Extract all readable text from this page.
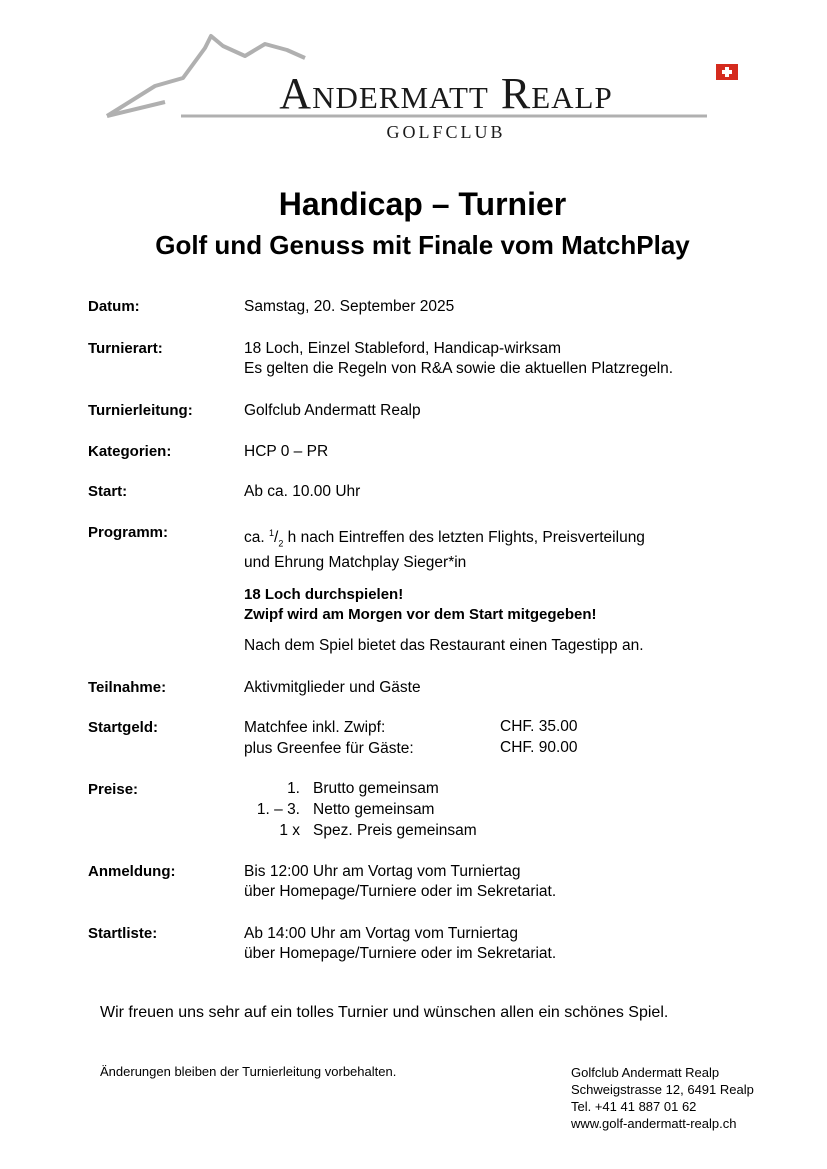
Andermatt Realp
GOLFCLUB
Handicap – Turnier
Golf und Genuss mit Finale vom MatchPlay
Datum:	Samstag, 20. September 2025
Turnierart:	18 Loch, Einzel Stableford, Handicap-wirksam
Es gelten die Regeln von R&A sowie die aktuellen Platzregeln.
Turnierleitung:	Golfclub Andermatt Realp
Kategorien:	HCP 0 – PR
Start:	Ab ca. 10.00 Uhr
Programm:	ca. $^1/_2$ h nach Eintreffen des letzten Flights, Preisverteilung
und Ehrung Matchplay Sieger*in
18 Loch durchspielen!
Zwipf wird am Morgen vor dem Start mitgegeben!
Nach dem Spiel bietet das Restaurant einen Tagestipp an.
Teilnahme:	Aktivmitglieder und Gäste
Startgeld:	Matchfee inkl. Zwipf:	CHF. 35.00
plus Greenfee für Gäste:	CHF. 90.00
Preise:	1. Brutto gemeinsam
1. – 3. Netto gemeinsam
1 x Spez. Preis gemeinsam
Anmeldung:	Bis 12:00 Uhr am Vortag vom Turniertag
über Homepage/Turniere oder im Sekretariat.
Startliste:	Ab 14:00 Uhr am Vortag vom Turniertag
über Homepage/Turniere oder im Sekretariat.
Wir freuen uns sehr auf ein tolles Turnier und wünschen allen ein schönes Spiel.
Änderungen bleiben der Turnierleitung vorbehalten.	Golfclub Andermatt Realp
Schweigstrasse 12, 6491 Realp
Tel. +41 41 887 01 62
www.golf-andermatt-realp.ch
